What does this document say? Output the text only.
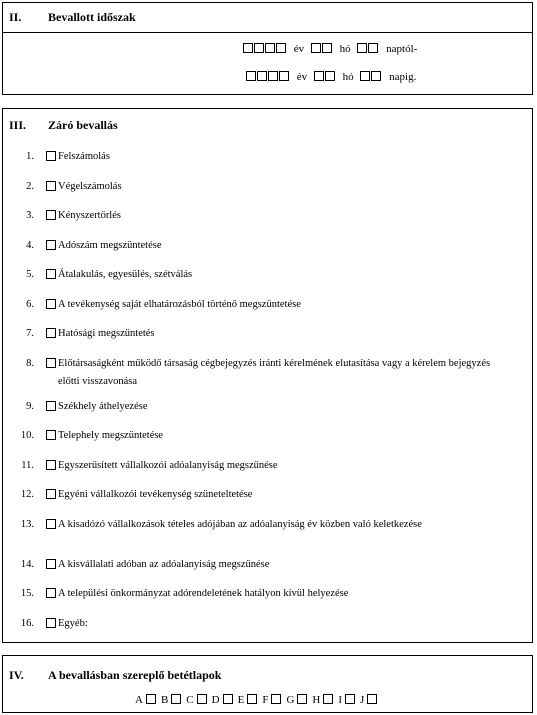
II. Bevallott időszak
év	hó	naptól-
év	hó	napig.
III. Záró bevallás
1. Felszámolás
2. Végelszámolás
3. Kényszertörlés
4. Adószám megszüntetése
5. Átalakulás, egyesülés, szétválás
6. A tevékenység saját elhatározásból történő megszüntetése
7. Hatósági megszüntetés
8. Előtársaságként működő társaság cégbejegyzés iránti kérelmének elutasítása vagy a kérelem bejegyzés előtti visszavonása
9. Székhely áthelyezése
10. Telephely megszüntetése
11. Egyszerűsített vállalkozói adóalanyiság megszűnése
12. Egyéni vállalkozói tevékenység szüneteltetése
13. A kisadózó vállalkozások tételes adójában az adóalanyiság év közben való keletkezése
14. A kisvállalati adóban az adóalanyiság megszűnése
15. A települési önkormányzat adórendeletének hatályon kívül helyezése
16. Egyéb:
IV. A bevallásban szereplő betétlapok
A B C D E F G H I J
